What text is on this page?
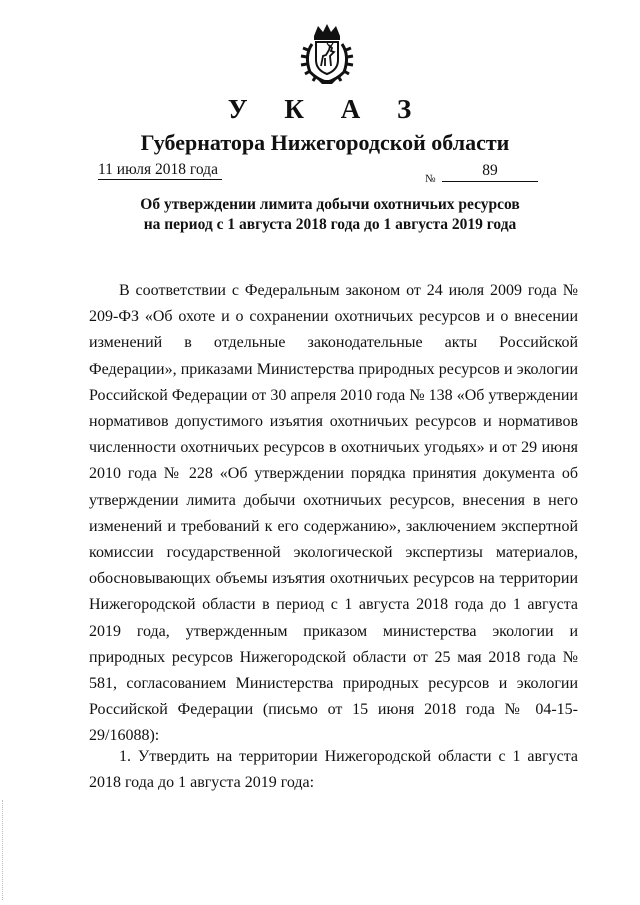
У К А З
Губернатора Нижегородской области
11 июля 2018 года
№	89
Об утверждении лимита добычи охотничьих ресурсов
на период с 1 августа 2018 года до 1 августа 2019 года
В соответствии с Федеральным законом от 24 июля 2009 года № 209-ФЗ «Об охоте и о сохранении охотничьих ресурсов и о внесении изменений в отдельные законодательные акты Российской Федерации», приказами Министерства природных ресурсов и экологии Российской Федерации от 30 апреля 2010 года № 138 «Об утверждении нормативов допустимого изъятия охотничьих ресурсов и нормативов численности охотничьих ресурсов в охотничьих угодьях» и от 29 июня 2010 года № 228 «Об утверждении порядка принятия документа об утверждении лимита добычи охотничьих ресурсов, внесения в него изменений и требований к его содержанию», заключением экспертной комиссии государственной экологической экспертизы материалов, обосновывающих объемы изъятия охотничьих ресурсов на территории Нижегородской области в период с 1 августа 2018 года до 1 августа 2019 года, утвержденным приказом министерства экологии и природных ресурсов Нижегородской области от 25 мая 2018 года № 581, согласованием Министерства природных ресурсов и экологии Российской Федерации (письмо от 15 июня 2018 года № 04-15-29/16088):
1. Утвердить на территории Нижегородской области с 1 августа 2018 года до 1 августа 2019 года:
